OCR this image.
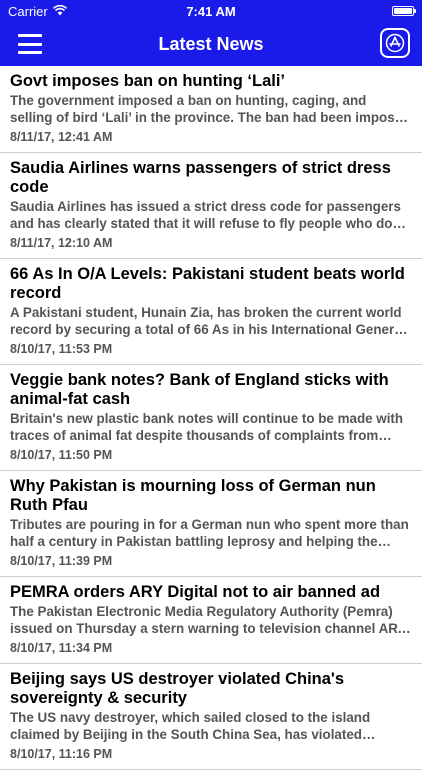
Carrier	7:41 AM
Latest News
Govt imposes ban on hunting ‘Lali’
The government imposed a ban on hunting, caging, and selling of bird ‘Lali’ in the province. The ban had been imposed
8/11/17, 12:41 AM
Saudia Airlines warns passengers of strict dress code
Saudia Airlines has issued a strict dress code for passengers and has clearly stated that it will refuse to fly people who do
8/11/17, 12:10 AM
66 As In O/A Levels: Pakistani student beats world record
A Pakistani student, Hunain Zia, has broken the current world record by securing a total of 66 As in his International General
8/10/17, 11:53 PM
Veggie bank notes? Bank of England sticks with animal-fat cash
Britain's new plastic bank notes will continue to be made with traces of animal fat despite thousands of complaints from
8/10/17, 11:50 PM
Why Pakistan is mourning loss of German nun Ruth Pfau
Tributes are pouring in for a German nun who spent more than half a century in Pakistan battling leprosy and helping the
8/10/17, 11:39 PM
PEMRA orders ARY Digital not to air banned ad
The Pakistan Electronic Media Regulatory Authority (Pemra) issued on Thursday a stern warning to television channel ARY
8/10/17, 11:34 PM
Beijing says US destroyer violated China's sovereignty & security
The US navy destroyer, which sailed closed to the island claimed by Beijing in the South China Sea, has violated
8/10/17, 11:16 PM
